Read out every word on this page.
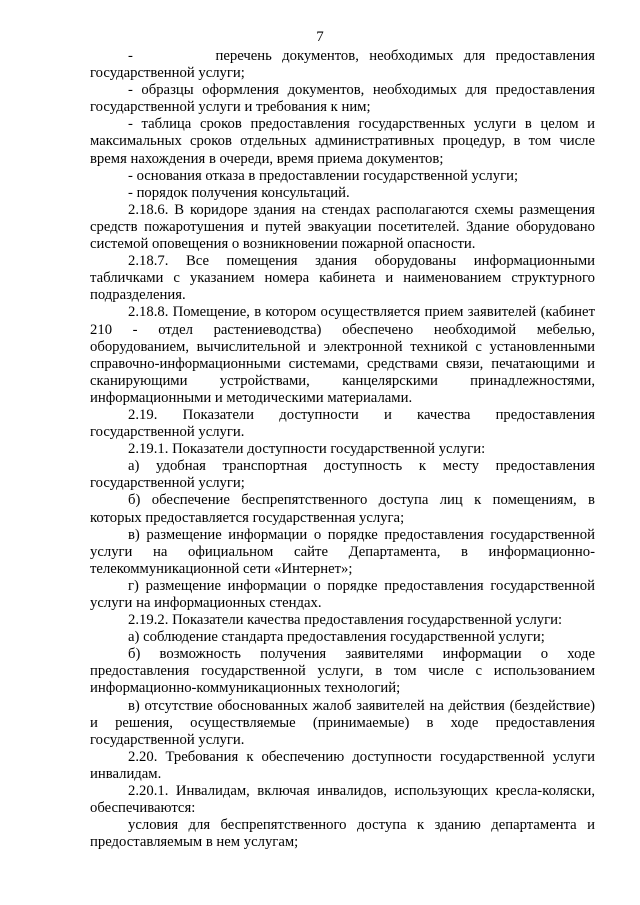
7

-        перечень документов, необходимых для предоставления государственной услуги;

- образцы оформления документов, необходимых для предоставления государственной услуги и требования к ним;

- таблица сроков предоставления государственных услуги в целом и максимальных сроков отдельных административных процедур, в том числе время нахождения в очереди, время приема документов;

- основания отказа в предоставлении государственной услуги;

- порядок получения консультаций.

2.18.6. В коридоре здания на стендах располагаются схемы размещения средств пожаротушения и путей эвакуации посетителей. Здание оборудовано системой оповещения о возникновении пожарной опасности.

2.18.7. Все помещения здания оборудованы информационными табличками с указанием номера кабинета и наименованием структурного подразделения.

2.18.8. Помещение, в котором осуществляется прием заявителей (кабинет 210 - отдел растениеводства) обеспечено необходимой мебелью, оборудованием, вычислительной и электронной техникой с установленными справочно-информационными системами, средствами связи, печатающими и сканирующими устройствами, канцелярскими принадлежностями, информационными и методическими материалами.

2.19. Показатели доступности и качества предоставления государственной услуги.

2.19.1. Показатели доступности государственной услуги:

а) удобная транспортная доступность к месту предоставления государственной услуги;

б) обеспечение беспрепятственного доступа лиц к помещениям, в которых предоставляется государственная услуга;

в) размещение информации о порядке предоставления государственной услуги на официальном сайте Департамента, в информационно-телекоммуникационной сети «Интернет»;

г) размещение информации о порядке предоставления государственной услуги на информационных стендах.

2.19.2. Показатели качества предоставления государственной услуги:

а) соблюдение стандарта предоставления государственной услуги;

б) возможность получения заявителями информации о ходе предоставления государственной услуги, в том числе с использованием информационно-коммуникационных технологий;

в) отсутствие обоснованных жалоб заявителей на действия (бездействие) и решения, осуществляемые (принимаемые) в ходе предоставления государственной услуги.

2.20. Требования к обеспечению доступности государственной услуги инвалидам.

2.20.1. Инвалидам, включая инвалидов, использующих кресла-коляски, обеспечиваются:

условия для беспрепятственного доступа к зданию департамента и предоставляемым в нем услугам;
